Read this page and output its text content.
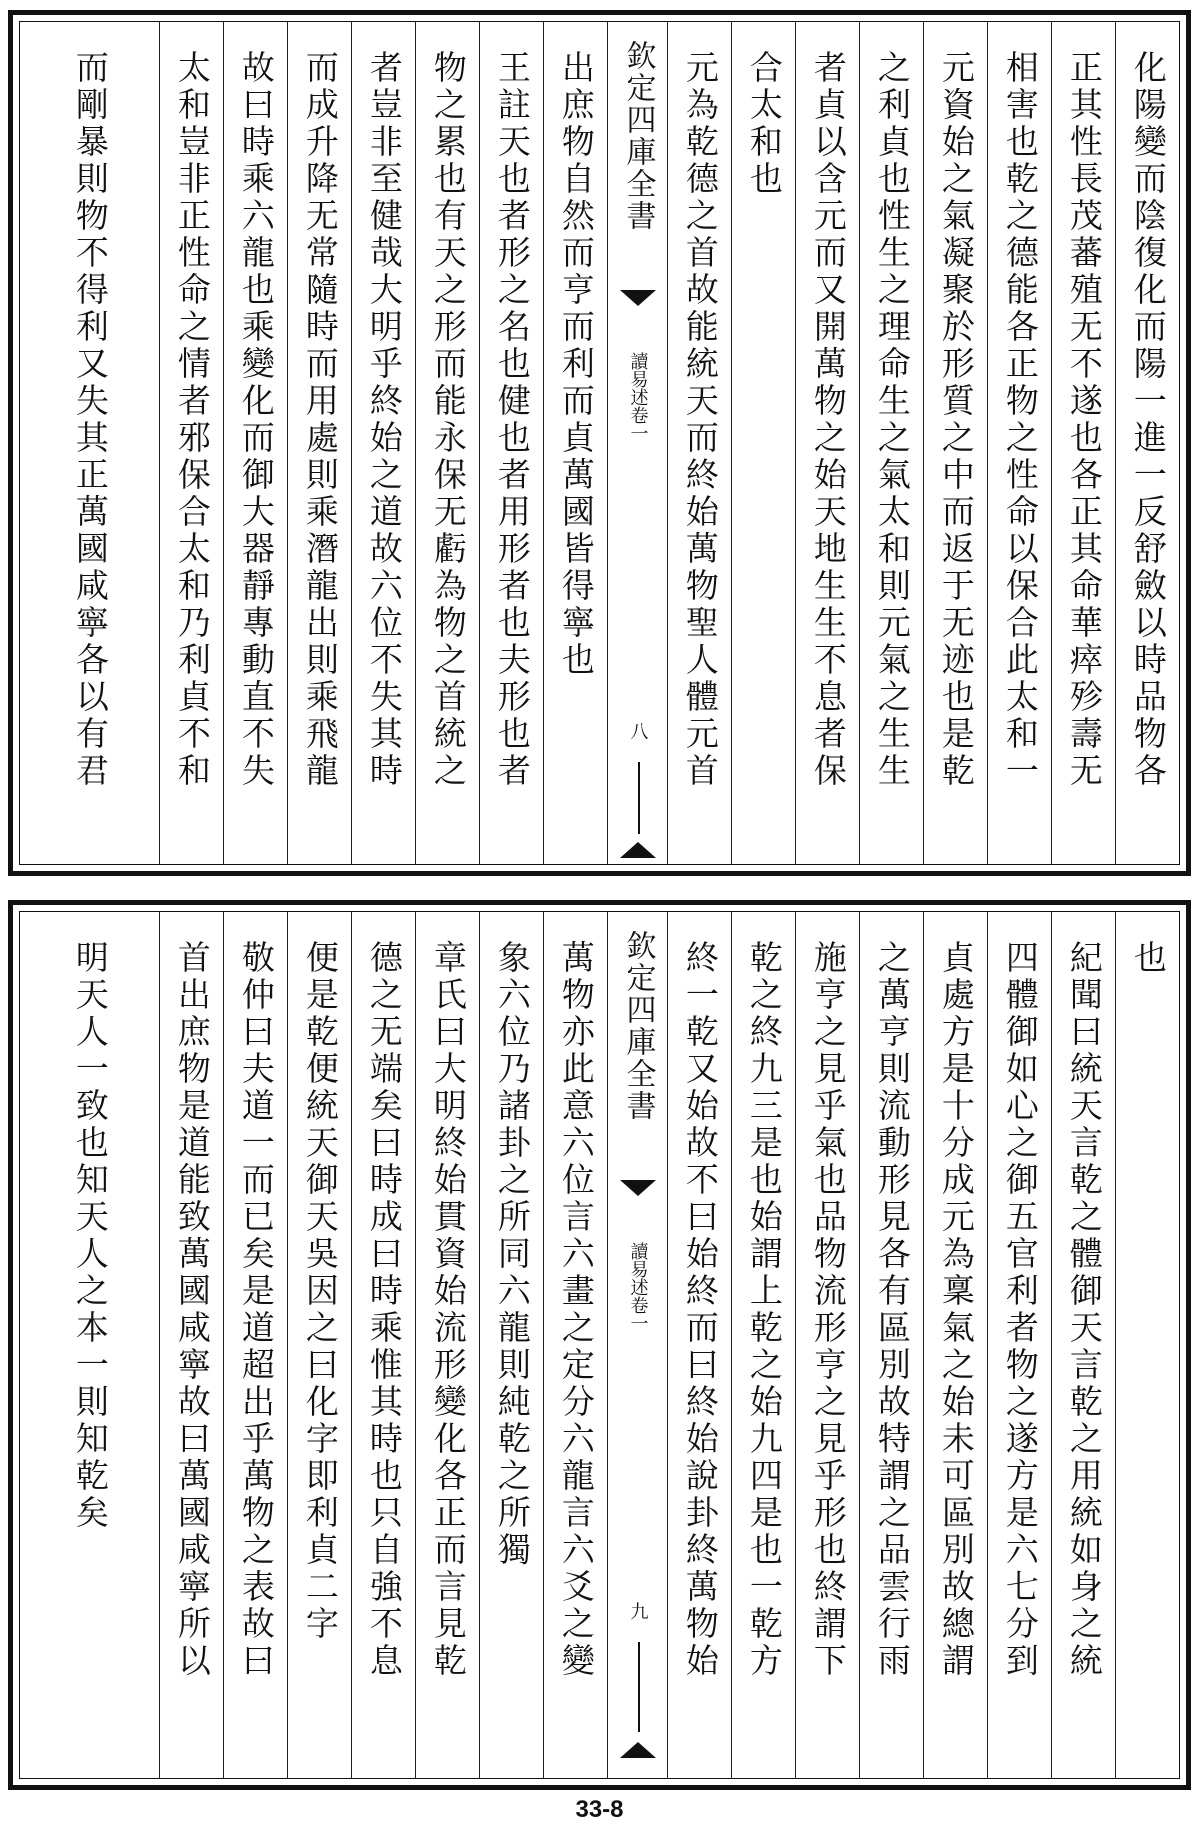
化陽變而陰復化而陽一進一反舒斂以時品物各
正其性長茂蕃殖无不遂也各正其命華瘁殄壽无
相害也乾之德能各正物之性命以保合此太和一
元資始之氣凝聚於形質之中而返于无迹也是乾
之利貞也性生之理命生之氣太和則元氣之生生
者貞以含元而又開萬物之始天地生生不息者保
合太和也
元為乾德之首故能統天而終始萬物聖人體元首
欽定四庫全書
讀易述卷一
八
出庶物自然而亨而利而貞萬國皆得寧也
王註天也者形之名也健也者用形者也夫形也者
物之累也有天之形而能永保无虧為物之首統之
者豈非至健哉大明乎終始之道故六位不失其時
而成升降无常隨時而用處則乘潛龍出則乘飛龍
故曰時乘六龍也乘變化而御大器靜專動直不失
太和豈非正性命之情者邪保合太和乃利貞不和
而剛暴則物不得利又失其正萬國咸寧各以有君
也
紀聞曰統天言乾之體御天言乾之用統如身之統
四體御如心之御五官利者物之遂方是六七分到
貞處方是十分成元為稟氣之始未可區別故總謂
之萬亨則流動形見各有區別故特謂之品雲行雨
施亨之見乎氣也品物流形亨之見乎形也終謂下
乾之終九三是也始謂上乾之始九四是也一乾方
終一乾又始故不曰始終而曰終始說卦終萬物始
欽定四庫全書
讀易述卷一
九
萬物亦此意六位言六畫之定分六龍言六爻之變
象六位乃諸卦之所同六龍則純乾之所獨
章氏曰大明終始貫資始流形變化各正而言見乾
德之无端矣曰時成曰時乘惟其時也只自強不息
便是乾便統天御天吳因之曰化字即利貞二字
敬仲曰夫道一而已矣是道超出乎萬物之表故曰
首出庶物是道能致萬國咸寧故曰萬國咸寧所以
明天人一致也知天人之本一則知乾矣
33-8
